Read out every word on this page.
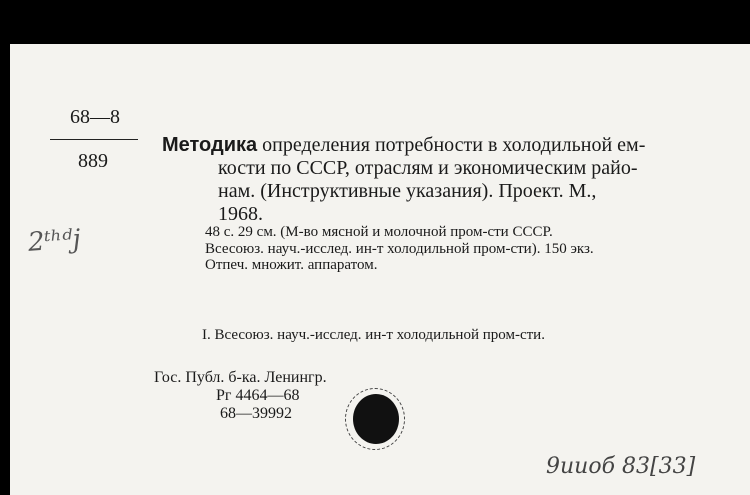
68—8
889
2ᵗʰᵈj
Методика определения потребности в холодильной ем-
кости по СССР, отраслям и экономическим райо-
нам. (Инструктивные указания). Проект. М.,
1968.
48 с. 29 см. (М-во мясной и молочной пром-сти СССР.
Всесоюз. науч.-исслед. ин-т холодильной пром-сти). 150 экз.
Отпеч. множит. аппаратом.
I. Всесоюз. науч.-исслед. ин-т холодильной пром-сти.
Гос. Публ. б-ка. Ленингр.
Рг 4464—68
68—39992
9ииоб 83[33]
